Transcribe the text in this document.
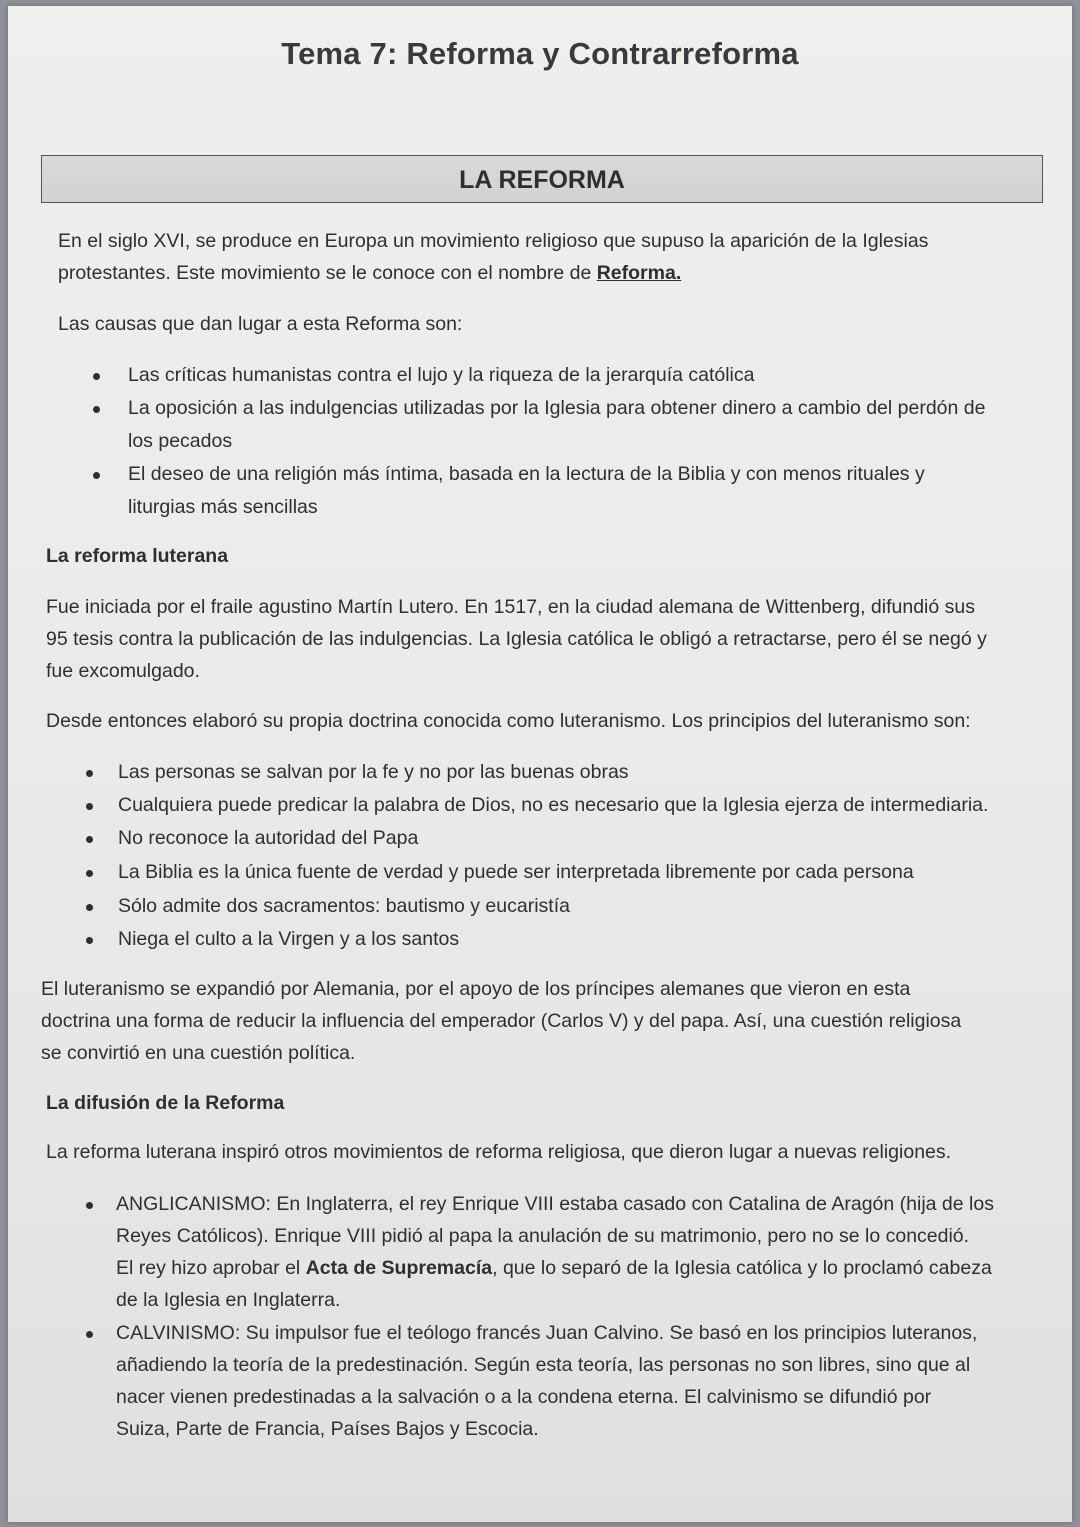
Tema 7: Reforma y Contrarreforma
LA REFORMA
En el siglo XVI, se produce en Europa un movimiento religioso que supuso la aparición de la Iglesias
protestantes. Este movimiento se le conoce con el nombre de Reforma.
Las causas que dan lugar a esta Reforma son:
Las críticas humanistas contra el lujo y la riqueza de la jerarquía católica
La oposición a las indulgencias utilizadas por la Iglesia para obtener dinero a cambio del perdón de
los pecados
El deseo de una religión más íntima, basada en la lectura de la Biblia y con menos rituales y
liturgias más sencillas
La reforma luterana
Fue iniciada por el fraile agustino Martín Lutero. En 1517, en la ciudad alemana de Wittenberg, difundió sus
95 tesis contra la publicación de las indulgencias. La Iglesia católica le obligó a retractarse, pero él se negó y
fue excomulgado.
Desde entonces elaboró su propia doctrina conocida como luteranismo. Los principios del luteranismo son:
Las personas se salvan por la fe y no por las buenas obras
Cualquiera puede predicar la palabra de Dios, no es necesario que la Iglesia ejerza de intermediaria.
No reconoce la autoridad del Papa
La Biblia es la única fuente de verdad y puede ser interpretada libremente por cada persona
Sólo admite dos sacramentos: bautismo y eucaristía
Niega el culto a la Virgen y a los santos
El luteranismo se expandió por Alemania, por el apoyo de los príncipes alemanes que vieron en esta
doctrina una forma de reducir la influencia del emperador (Carlos V) y del papa. Así, una cuestión religiosa
se convirtió en una cuestión política.
La difusión de la Reforma
La reforma luterana inspiró otros movimientos de reforma religiosa, que dieron lugar a nuevas religiones.
ANGLICANISMO: En Inglaterra, el rey Enrique VIII estaba casado con Catalina de Aragón (hija de los
Reyes Católicos). Enrique VIII pidió al papa la anulación de su matrimonio, pero no se lo concedió.
El rey hizo aprobar el Acta de Supremacía, que lo separó de la Iglesia católica y lo proclamó cabeza
de la Iglesia en Inglaterra.
CALVINISMO: Su impulsor fue el teólogo francés Juan Calvino. Se basó en los principios luteranos,
añadiendo la teoría de la predestinación. Según esta teoría, las personas no son libres, sino que al
nacer vienen predestinadas a la salvación o a la condena eterna. El calvinismo se difundió por
Suiza, Parte de Francia, Países Bajos y Escocia.
